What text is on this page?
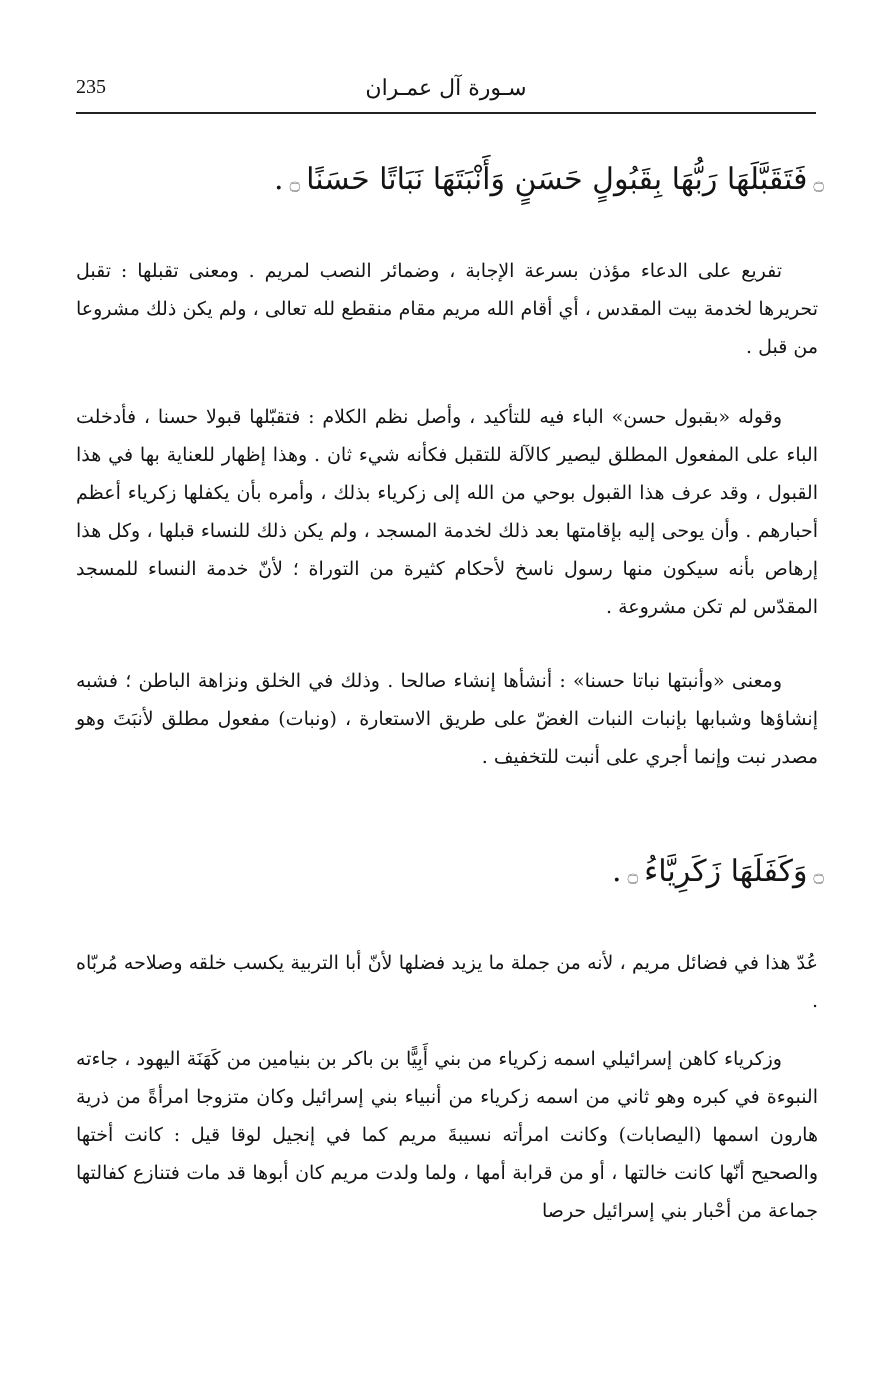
235	سـورة آل عمـران
۝فَتَقَبَّلَهَا رَبُّهَا بِقَبُولٍ حَسَنٍ وَأَنْبَتَهَا نَبَاتًا حَسَنًا۝.

تفريع على الدعاء مؤذن بسرعة الإجابة ، وضمائر النصب لمريم . ومعنى تقبلها : تقبل تحريرها لخدمة بيت المقدس ، أي أقام الله مريم مقام منقطع لله تعالى ، ولم يكن ذلك مشروعا من قبل .

وقوله «بقبول حسن» الباء فيه للتأكيد ، وأصل نظم الكلام : فتقبّلها قبولا حسنا ، فأدخلت الباء على المفعول المطلق ليصير كالآلة للتقبل فكأنه شيء ثان . وهذا إظهار للعناية بها في هذا القبول ، وقد عرف هذا القبول بوحي من الله إلى زكرياء بذلك ، وأمره بأن يكفلها زكرياء أعظم أحبارهم . وأن يوحى إليه بإقامتها بعد ذلك لخدمة المسجد ، ولم يكن ذلك للنساء قبلها ، وكل هذا إرهاص بأنه سيكون منها رسول ناسخ لأحكام كثيرة من التوراة ؛ لأنّ خدمة النساء للمسجد المقدّس لم تكن مشروعة .

ومعنى «وأنبتها نباتا حسنا» : أنشأها إنشاء صالحا . وذلك في الخلق ونزاهة الباطن ؛ فشبه إنشاؤها وشبابها بإنبات النبات الغضّ على طريق الاستعارة ، (ونبات) مفعول مطلق لأنبَتَ وهو مصدر نبت وإنما أجري على أنبت للتخفيف .

۝وَكَفَلَهَا زَكَرِيَّاءُ۝.

عُدّ هذا في فضائل مريم ، لأنه من جملة ما يزيد فضلها لأنّ أبا التربية يكسب خلقه وصلاحه مُربّاه .

وزكرياء كاهن إسرائيلي اسمه زكرياء من بني أَبِيًّا بن باكر بن بنيامين من كَهَنَة اليهود ، جاءته النبوءة في كبره وهو ثاني من اسمه زكرياء من أنبياء بني إسرائيل وكان متزوجا امرأةً من ذرية هارون اسمها (اليصابات) وكانت امرأته نسيبةَ مريم كما في إنجيل لوقا قيل : كانت أختها والصحيح أنّها كانت خالتها ، أو من قرابة أمها ، ولما ولدت مريم كان أبوها قد مات فتنازع كفالتها جماعة من أحْبار بني إسرائيل حرصا
